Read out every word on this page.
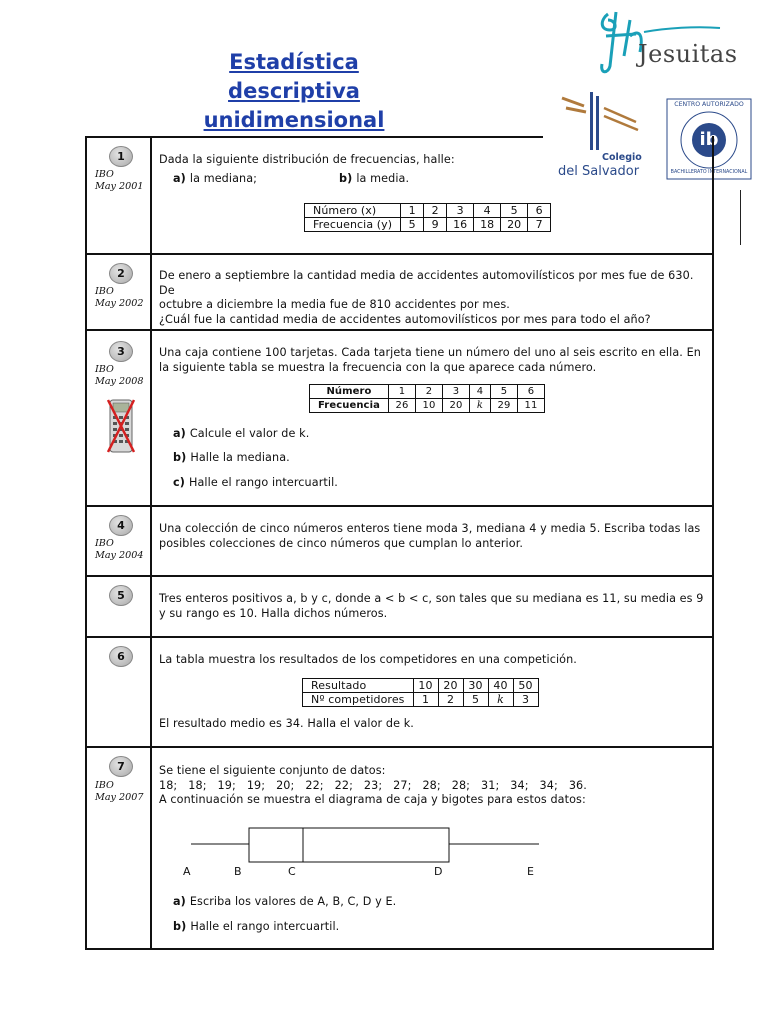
Estadística descriptiva
unidimensional
Jesuitas
Colegio
del Salvador
CENTRO AUTORIZADO
ib
BACHILLERATO INTERNACIONAL
1
IBO
May 2001

Dada la siguiente distribución de frecuencias, halle:

a) la mediana;	b) la media.
Número (x)	1	2	3	4	5	6
Frecuencia (y)	5	9	16	18	20	7
2
IBO
May 2002

De enero a septiembre la cantidad media de accidentes automovilísticos por mes fue de 630. De

octubre a diciembre la media fue de 810 accidentes por mes.

¿Cuál fue la cantidad media de accidentes automovilísticos por mes para todo el año?

3
IBO
May 2008

Una caja contiene 100 tarjetas. Cada tarjeta tiene un número del uno al seis escrito en ella. En

la siguiente tabla se muestra la frecuencia con la que aparece cada número.

Número	1	2	3	4	5	6
Frecuencia	26	10	20	k	29	11
a) Calcule el valor de k.
b) Halle la mediana.
c) Halle el rango intercuartil.
4
IBO
May 2004

Una colección de cinco números enteros tiene moda 3, mediana 4 y media 5. Escriba todas las

posibles colecciones de cinco números que cumplan lo anterior.

5	Tres enteros positivos a, b y c, donde a < b < c, son tales que su mediana es 11, su media es 9

y su rango es 10. Halla dichos números.

6	La tabla muestra los resultados de los competidores en una competición.

Resultado	10	20	30	40	50
Nº competidores	1	2	5	k	3

El resultado medio es 34. Halla el valor de k.

7
IBO
May 2007

Se tiene el siguiente conjunto de datos:

18;   18;   19;   19;   20;   22;   22;   23;   27;   28;   28;   31;   34;   34;   36.

A continuación se muestra el diagrama de caja y bigotes para estos datos:

A	B	C	D	E
a) Escriba los valores de A, B, C, D y E.
b) Halle el rango intercuartil.
